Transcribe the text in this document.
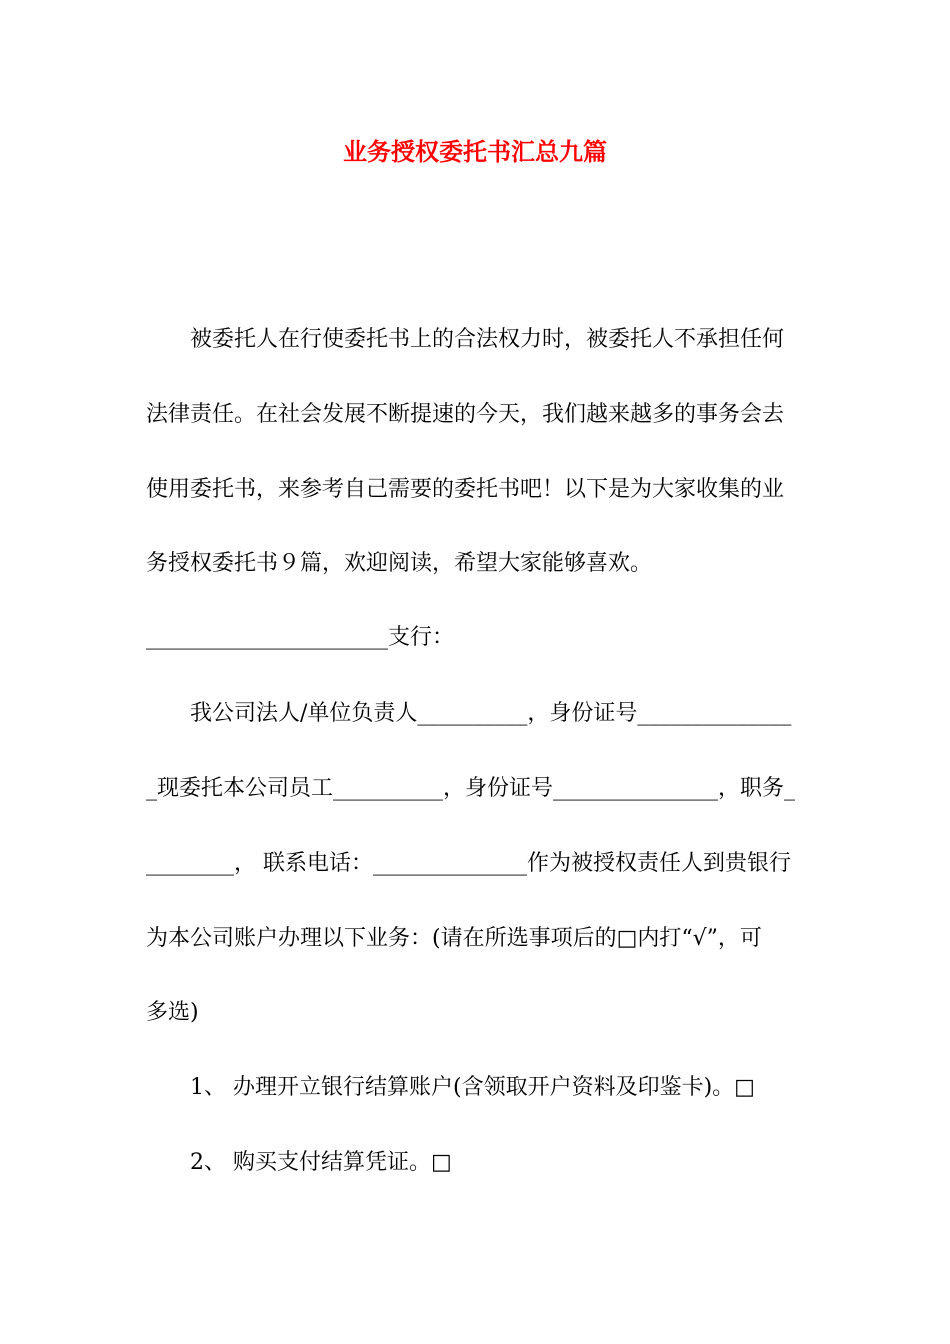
业务授权委托书汇总九篇
被委托人在行使委托书上的合法权力时，被委托人不承担任何
法律责任。在社会发展不断提速的今天，我们越来越多的事务会去
使用委托书，来参考自己需要的委托书吧！以下是为大家收集的业
务授权委托书９篇，欢迎阅读，希望大家能够喜欢。
______________________支行：
我公司法人/单位负责人__________，身份证号______________
_现委托本公司员工__________，身份证号_______________，职务_
________， 联系电话：______________作为被授权责任人到贵银行
为本公司账户办理以下业务：(请在所选事项后的□内打“√”，可
多选)
1、 办理开立银行结算账户(含领取开户资料及印鉴卡)。□
2、 购买支付结算凭证。□
